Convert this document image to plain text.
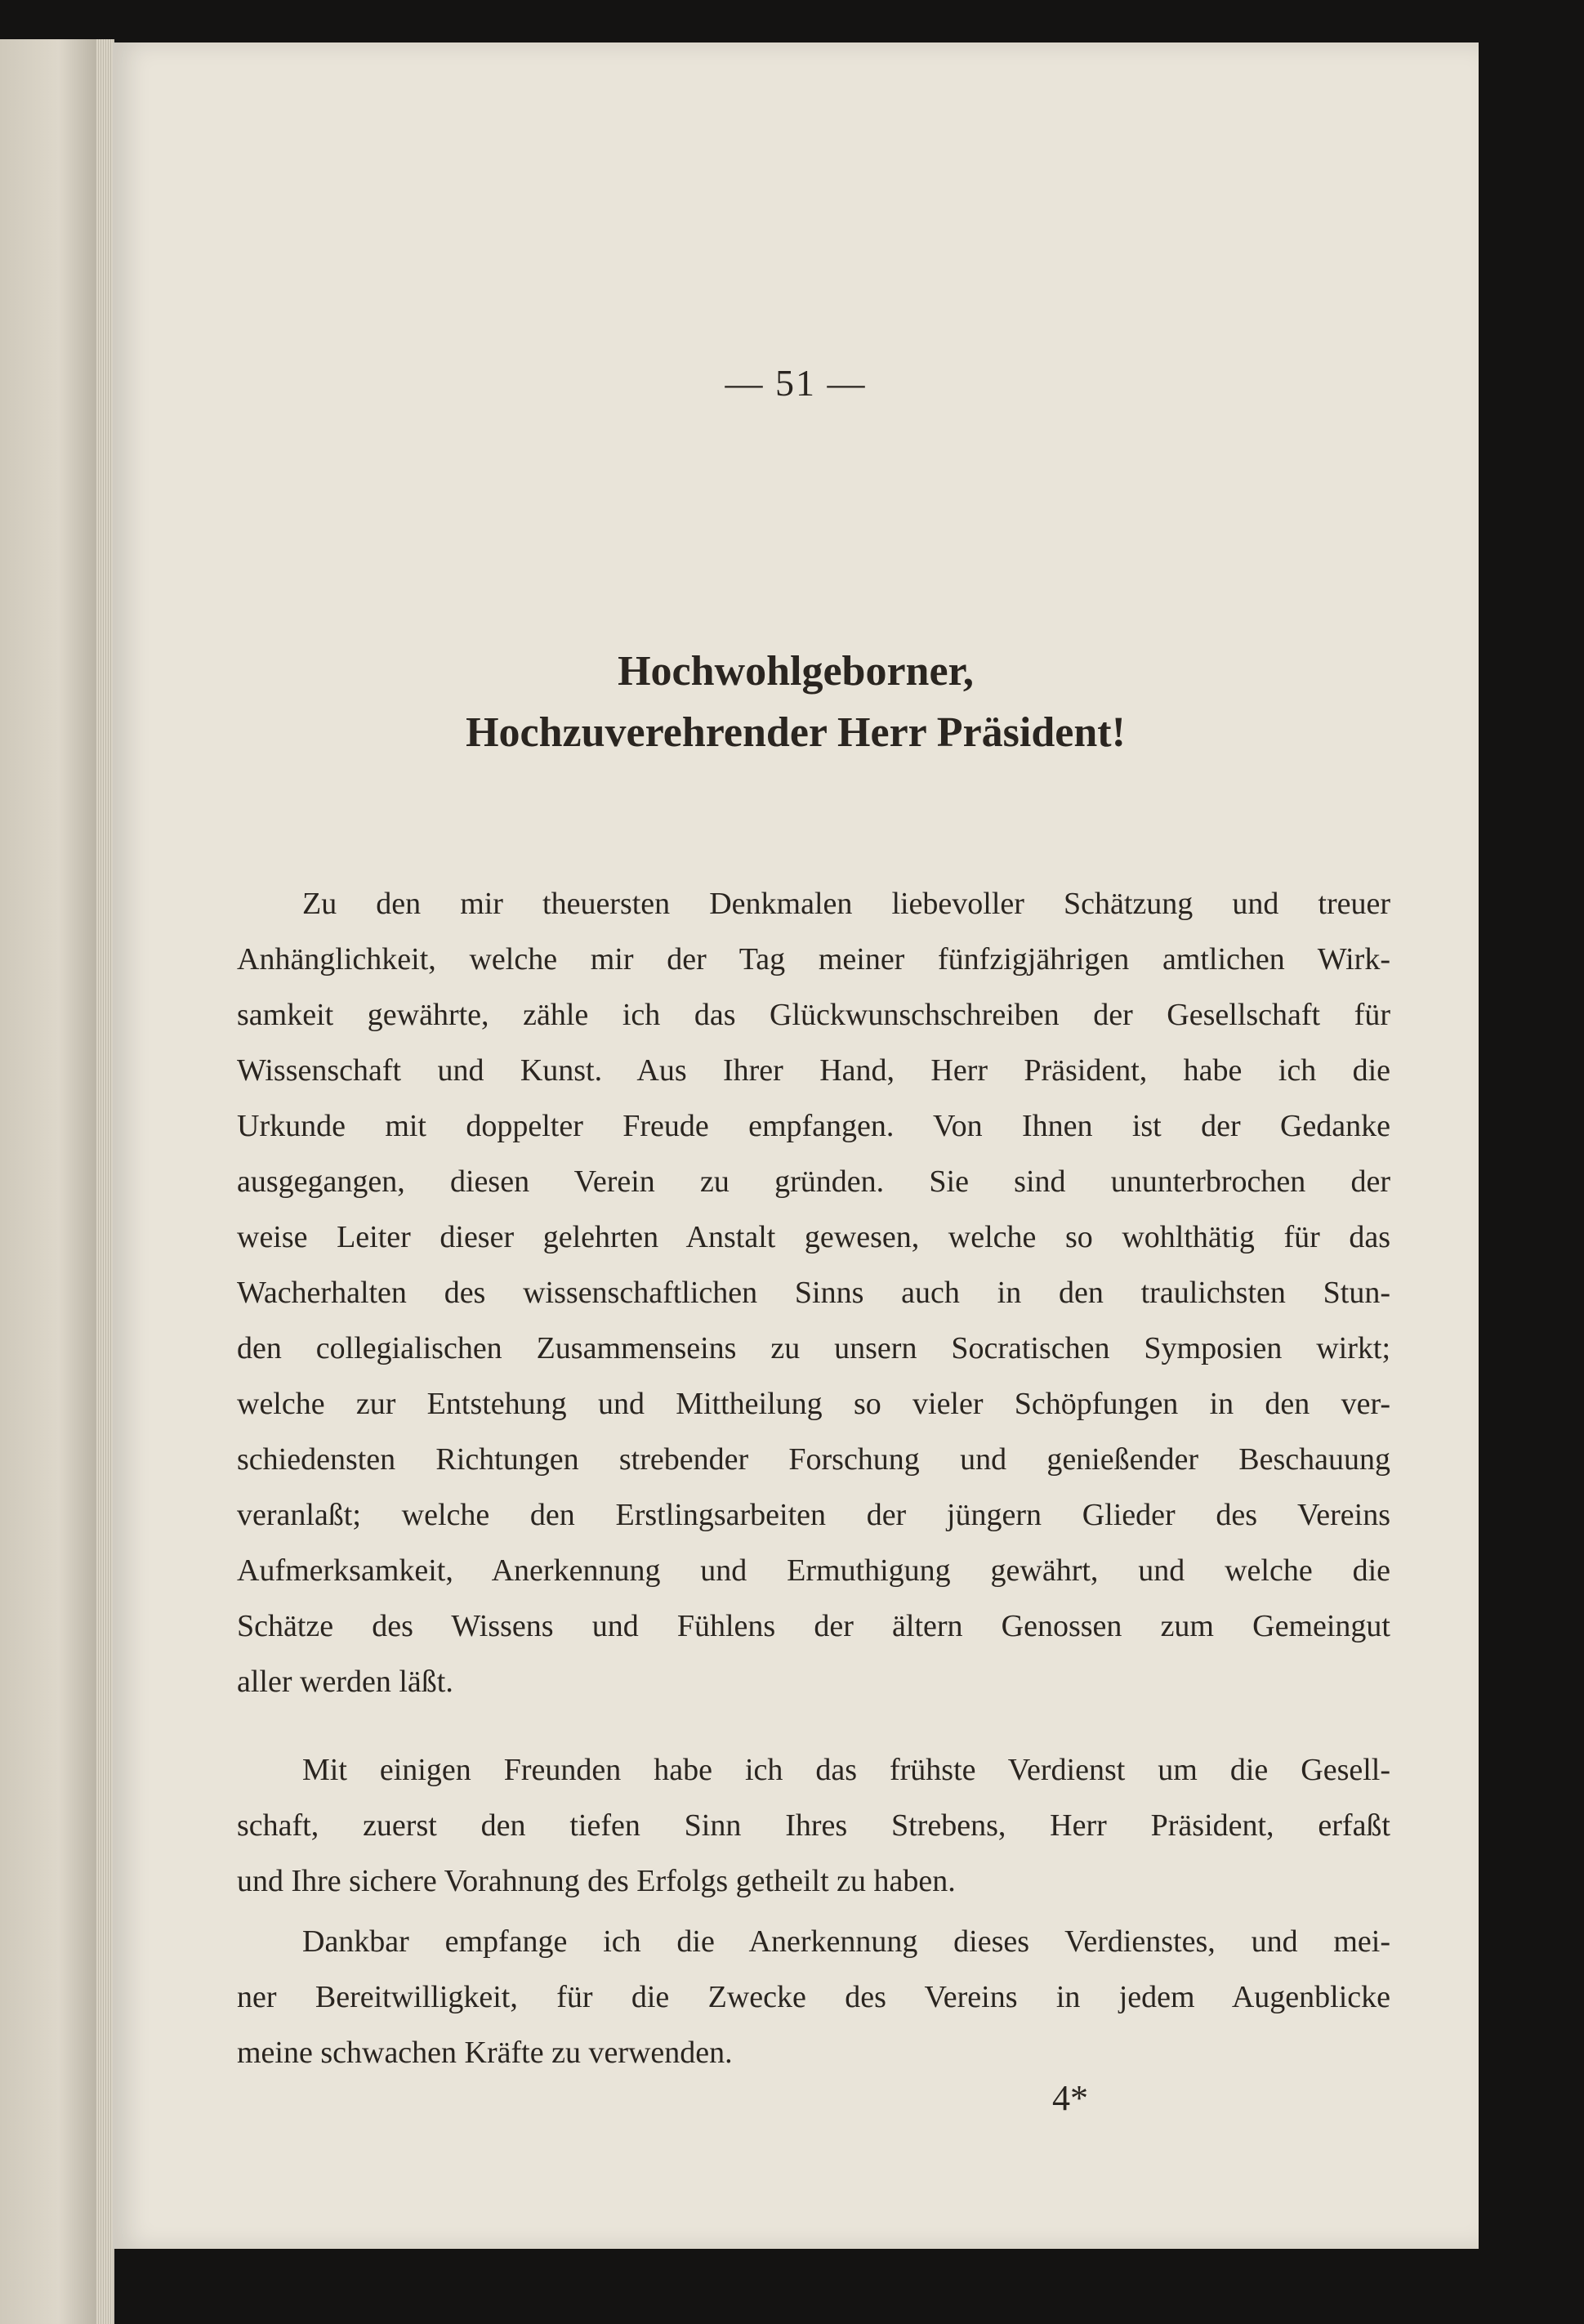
— 51 —
Hochwohlgeborner,
Hochzuverehrender Herr Präsident!
Zu den mir theuersten Denkmalen liebevoller Schätzung und treuer
Anhänglichkeit, welche mir der Tag meiner fünfzigjährigen amtlichen Wirk-
samkeit gewährte, zähle ich das Glückwunschschreiben der Gesellschaft für
Wissenschaft und Kunst. Aus Ihrer Hand, Herr Präsident, habe ich die
Urkunde mit doppelter Freude empfangen. Von Ihnen ist der Gedanke
ausgegangen, diesen Verein zu gründen. Sie sind ununterbrochen der
weise Leiter dieser gelehrten Anstalt gewesen, welche so wohlthätig für das
Wacherhalten des wissenschaftlichen Sinns auch in den traulichsten Stun-
den collegialischen Zusammenseins zu unsern Socratischen Symposien wirkt;
welche zur Entstehung und Mittheilung so vieler Schöpfungen in den ver-
schiedensten Richtungen strebender Forschung und genießender Beschauung
veranlaßt; welche den Erstlingsarbeiten der jüngern Glieder des Vereins
Aufmerksamkeit, Anerkennung und Ermuthigung gewährt, und welche die
Schätze des Wissens und Fühlens der ältern Genossen zum Gemeingut
aller werden läßt.
Mit einigen Freunden habe ich das frühste Verdienst um die Gesell-
schaft, zuerst den tiefen Sinn Ihres Strebens, Herr Präsident, erfaßt
und Ihre sichere Vorahnung des Erfolgs getheilt zu haben.
Dankbar empfange ich die Anerkennung dieses Verdienstes, und mei-
ner Bereitwilligkeit, für die Zwecke des Vereins in jedem Augenblicke
meine schwachen Kräfte zu verwenden.
4*
